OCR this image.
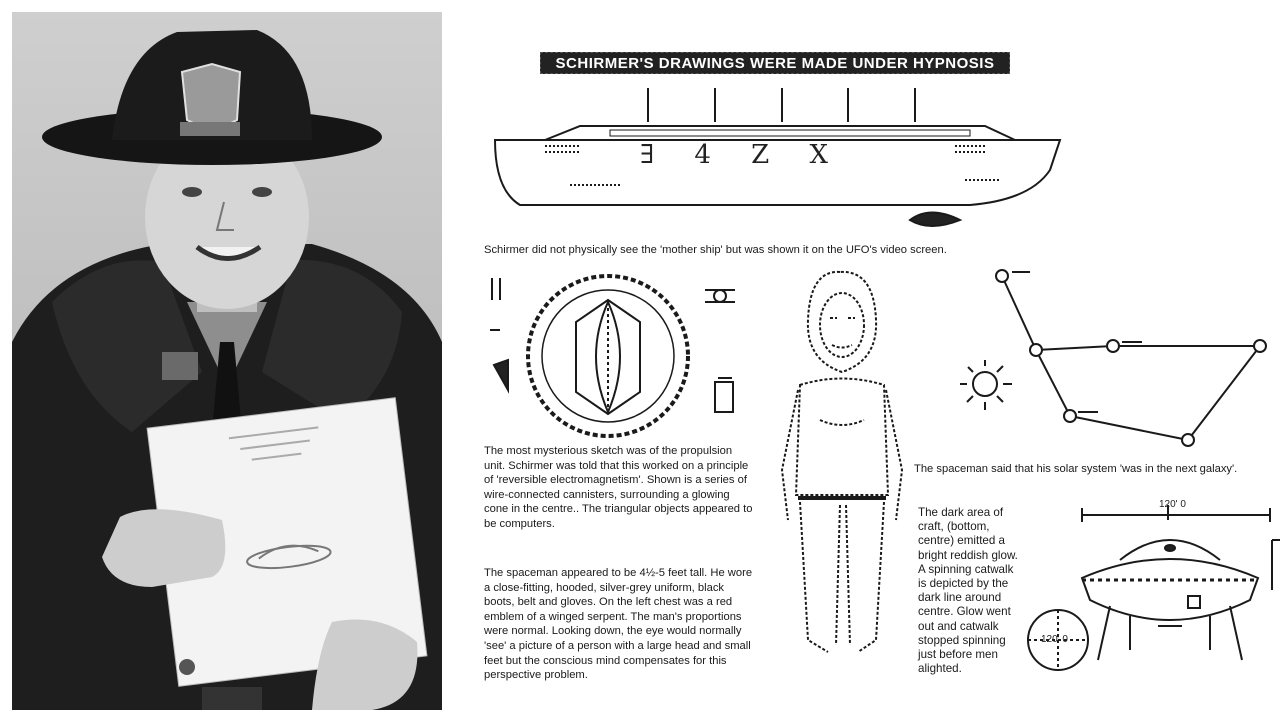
SCHIRMER'S DRAWINGS WERE MADE UNDER HYPNOSIS
∃ 4 Z X

Schirmer did not physically see the 'mother ship' but was shown it on the UFO's video screen.

The most mysterious sketch was of the propulsion unit. Schirmer was told that this worked on a principle of 'reversible electromagnetism'. Shown is a series of wire-connected cannisters, surrounding a glowing cone in the centre.. The triangular objects appeared to be computers.

The spaceman appeared to be 4½-5 feet tall. He wore a close-fitting, hooded, silver-grey uniform, black boots, belt and gloves. On the left chest was a red emblem of a winged serpent. The man's proportions were normal. Looking down, the eye would normally 'see' a picture of a person with a large head and small feet but the conscious mind compensates for this perspective problem.

The spaceman said that his solar system 'was in the next galaxy'.

The dark area of craft, (bottom, centre) emitted a bright reddish glow. A spinning catwalk is depicted by the dark line around centre. Glow went out and catwalk stopped spinning just before men alighted.

120' 0
120' 0
